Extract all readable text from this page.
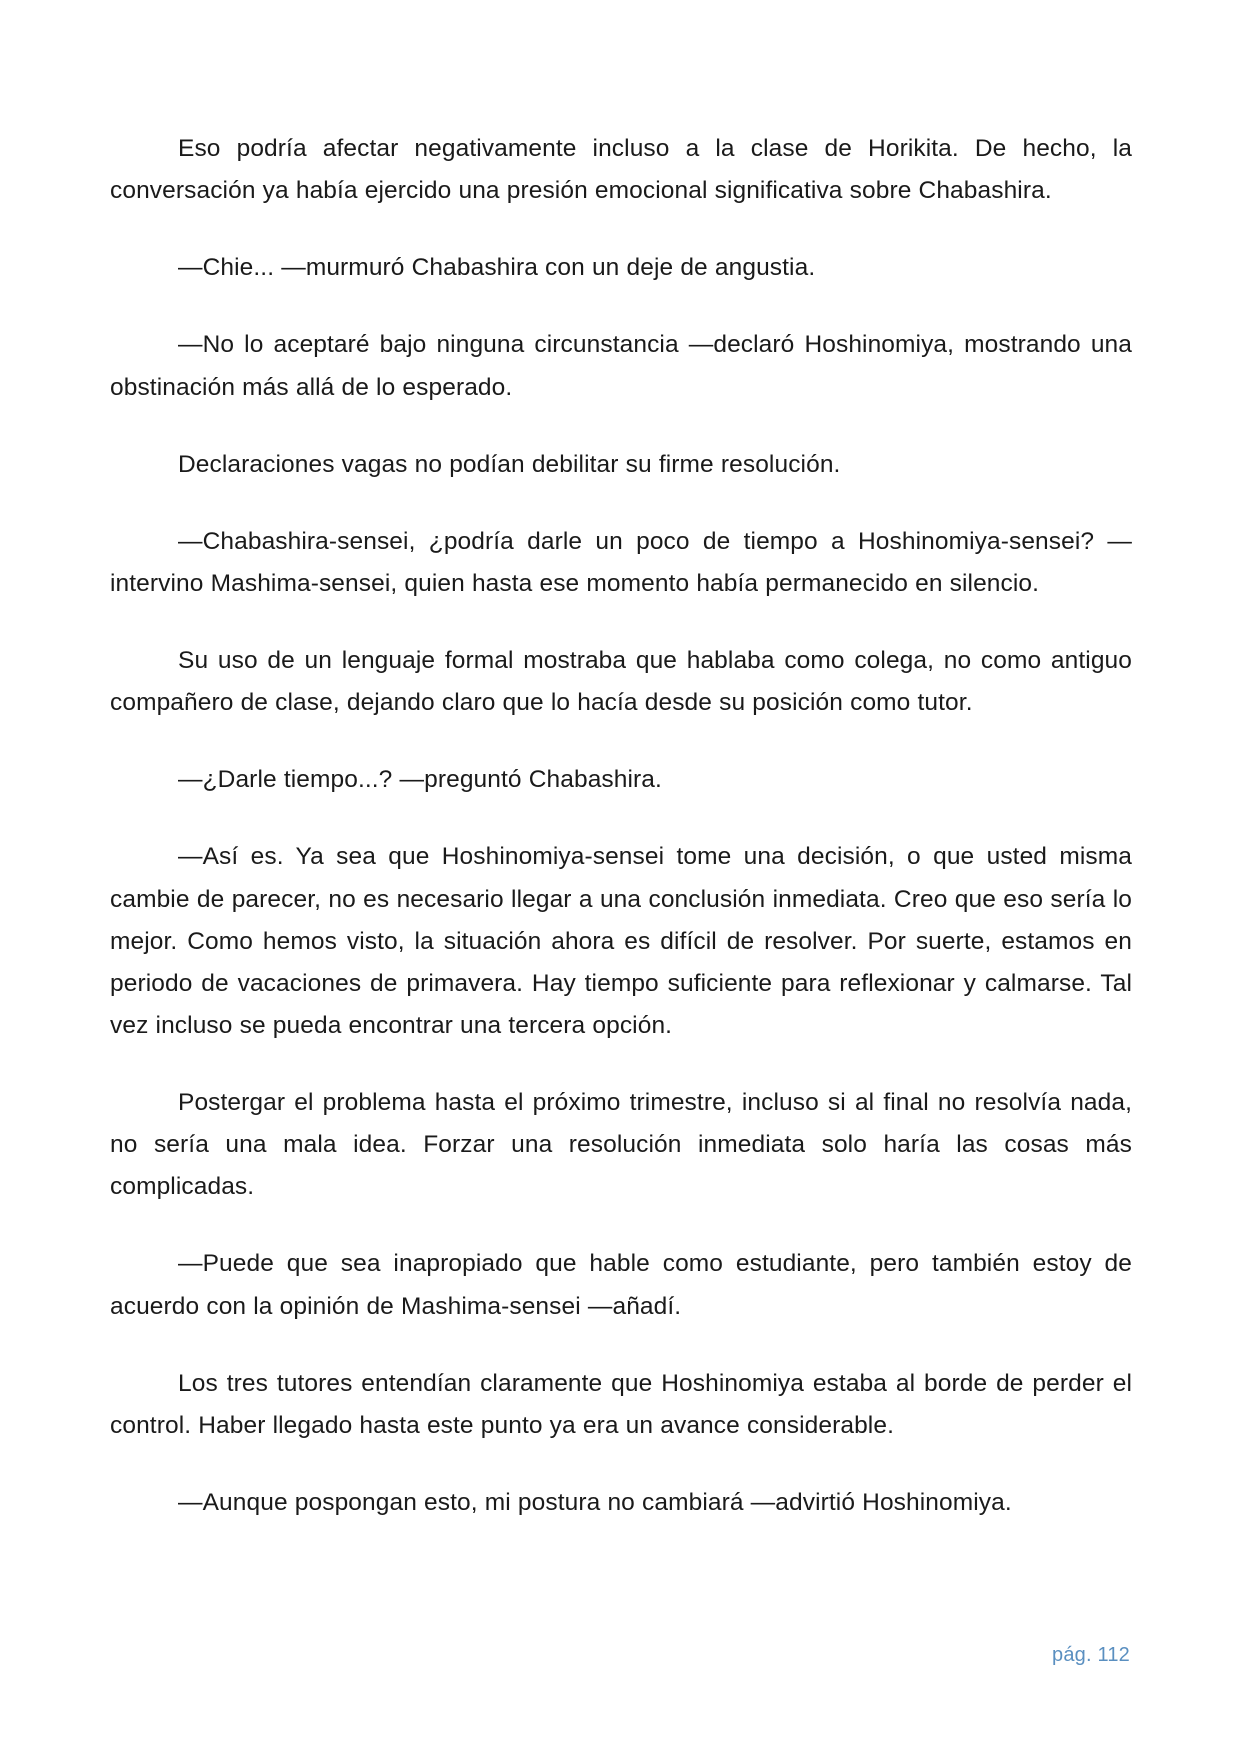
Eso podría afectar negativamente incluso a la clase de Horikita. De hecho, la conversación ya había ejercido una presión emocional significativa sobre Chabashira.

—Chie... —murmuró Chabashira con un deje de angustia.

—No lo aceptaré bajo ninguna circunstancia —declaró Hoshinomiya, mostrando una obstinación más allá de lo esperado.

Declaraciones vagas no podían debilitar su firme resolución.

—Chabashira-sensei, ¿podría darle un poco de tiempo a Hoshinomiya-sensei? —intervino Mashima-sensei, quien hasta ese momento había permanecido en silencio.

Su uso de un lenguaje formal mostraba que hablaba como colega, no como antiguo compañero de clase, dejando claro que lo hacía desde su posición como tutor.

—¿Darle tiempo...? —preguntó Chabashira.

—Así es. Ya sea que Hoshinomiya-sensei tome una decisión, o que usted misma cambie de parecer, no es necesario llegar a una conclusión inmediata. Creo que eso sería lo mejor. Como hemos visto, la situación ahora es difícil de resolver. Por suerte, estamos en periodo de vacaciones de primavera. Hay tiempo suficiente para reflexionar y calmarse. Tal vez incluso se pueda encontrar una tercera opción.

Postergar el problema hasta el próximo trimestre, incluso si al final no resolvía nada, no sería una mala idea. Forzar una resolución inmediata solo haría las cosas más complicadas.

—Puede que sea inapropiado que hable como estudiante, pero también estoy de acuerdo con la opinión de Mashima-sensei —añadí.

Los tres tutores entendían claramente que Hoshinomiya estaba al borde de perder el control. Haber llegado hasta este punto ya era un avance considerable.

—Aunque pospongan esto, mi postura no cambiará —advirtió Hoshinomiya.

pág. 112
